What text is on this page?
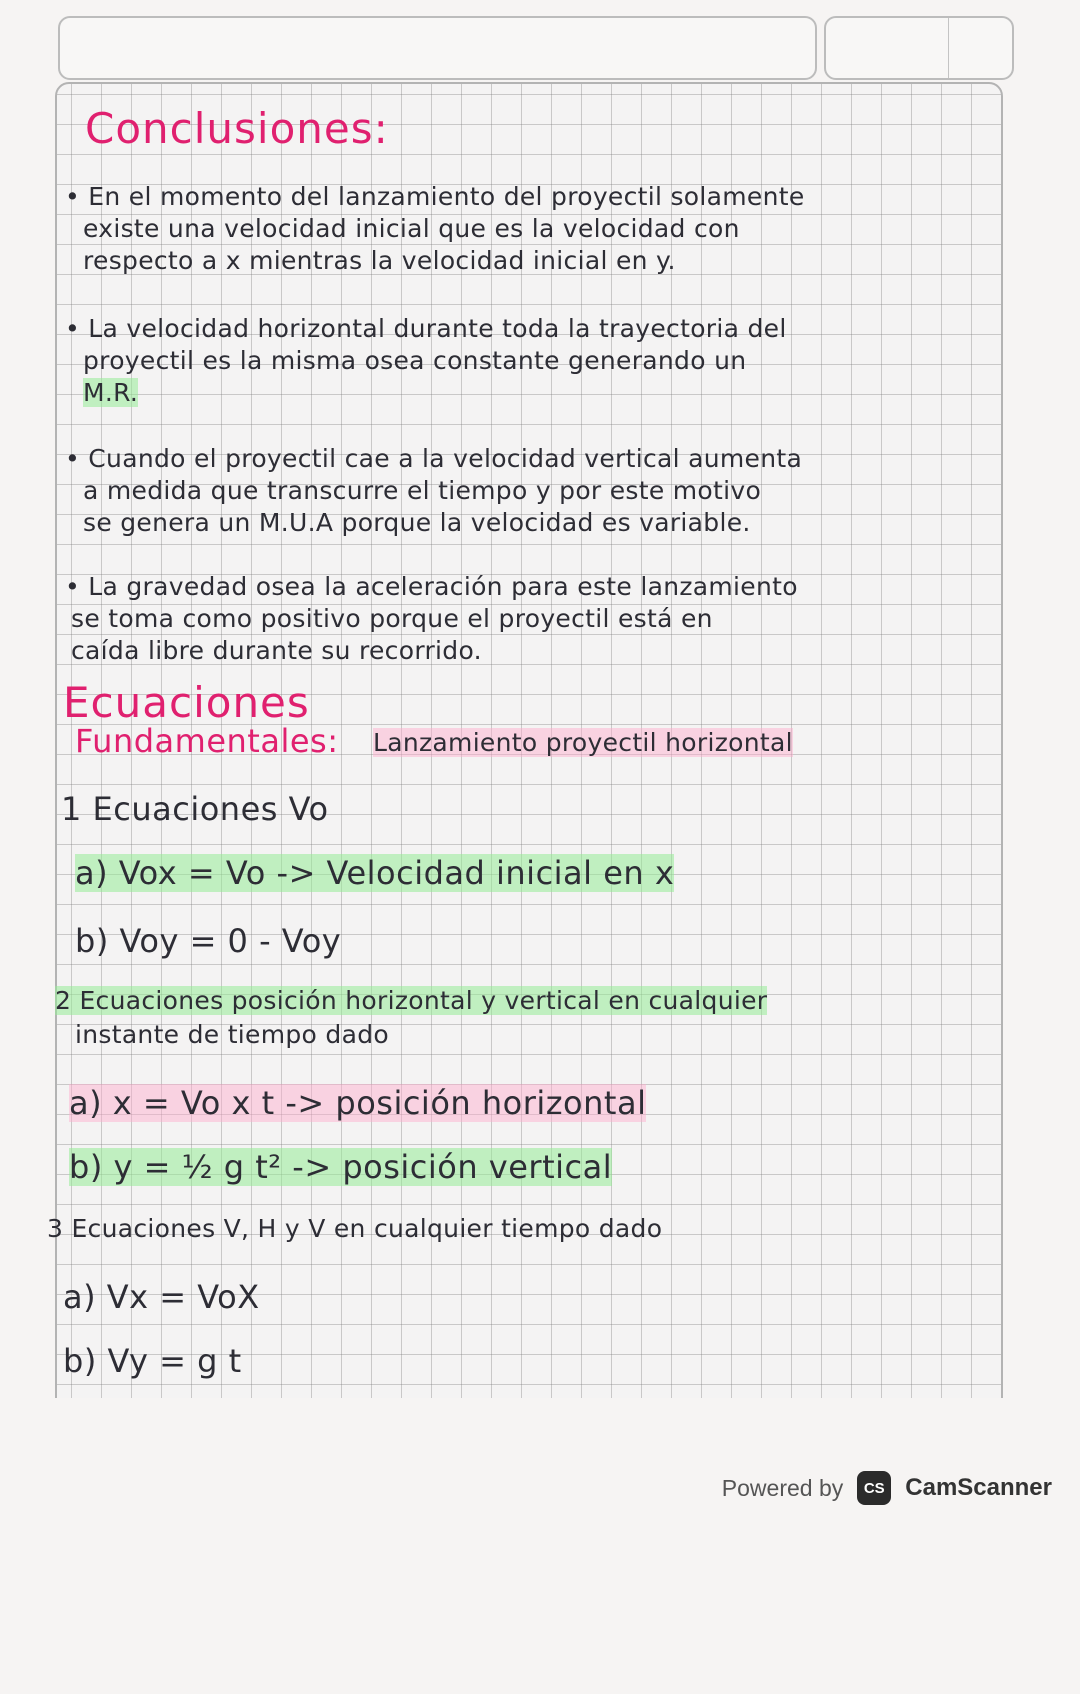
Conclusiones:
• En el momento del lanzamiento del proyectil solamente
existe una velocidad inicial que es la velocidad con
respecto a x mientras la velocidad inicial en y.
• La velocidad horizontal durante toda la trayectoria del
proyectil es la misma osea constante generando un
M.R.
• Cuando el proyectil cae a la velocidad vertical aumenta
a medida que transcurre el tiempo y por este motivo
se genera un M.U.A porque la velocidad es variable.
• La gravedad osea la aceleración para este lanzamiento
se toma como positivo porque el proyectil está en
caída libre durante su recorrido.
Ecuaciones
Fundamentales: Lanzamiento proyectil horizontal
1 Ecuaciones Vo
a) Vox = Vo -> Velocidad inicial en x
b) Voy = 0 - Voy
2 Ecuaciones posición horizontal y vertical en cualquier
instante de tiempo dado
a) x = Vo x t -> posición horizontal
b) y = ½ g t² -> posición vertical
3 Ecuaciones V, H y V en cualquier tiempo dado
a) Vx = VoX
b) Vy = g t
Powered by	CS CamScanner
